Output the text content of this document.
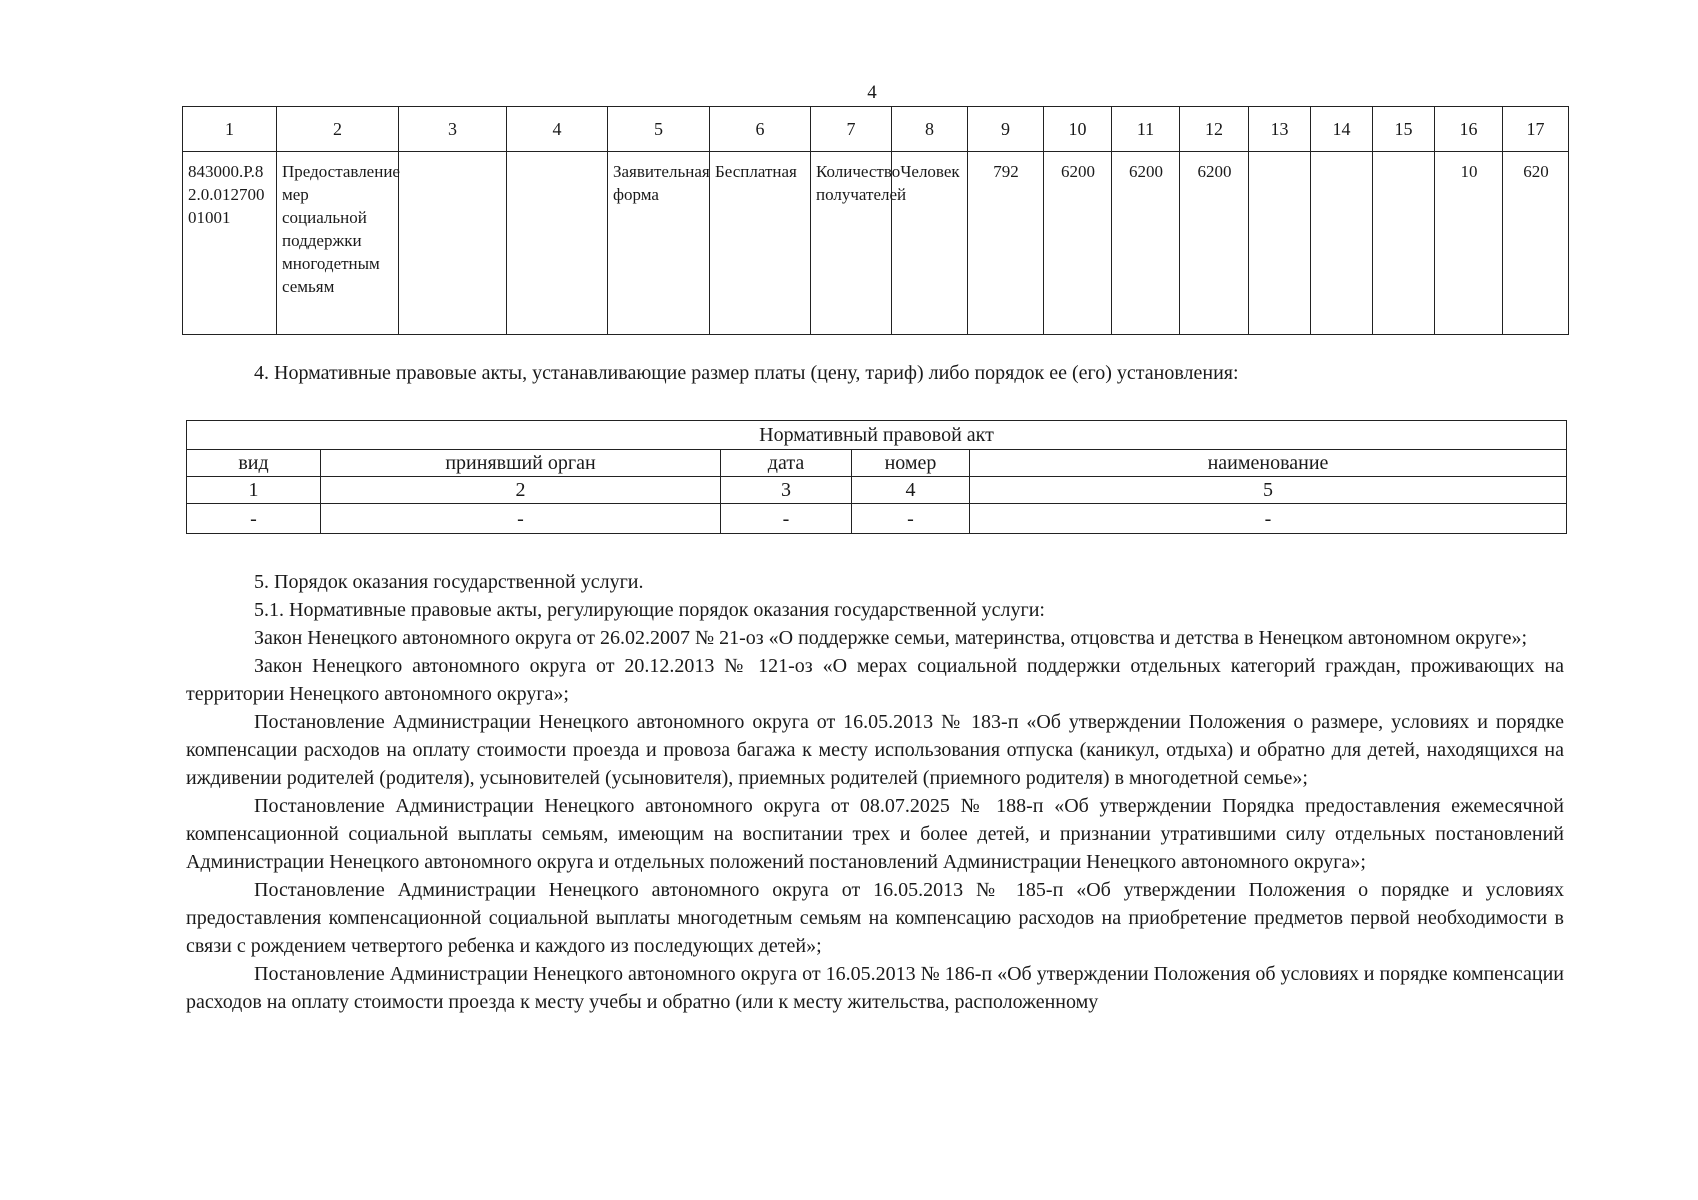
4
1	2	3	4	5	6	7	8	9	10	11	12	13	14	15	16	17
843000.Р.82.0.01270001001	Предоставление мер социальной поддержки многодетным семьям			Заявительная форма	Бесплатная	Количество получателей	Человек	792	6200	6200	6200				10	620
4. Нормативные правовые акты, устанавливающие размер платы (цену, тариф) либо порядок ее (его) установления:
Нормативный правовой акт				
вид	принявший орган	дата	номер	наименование
1	2	3	4	5
-	-	-	-	-

5. Порядок оказания государственной услуги.

5.1. Нормативные правовые акты, регулирующие порядок оказания государственной услуги:

Закон Ненецкого автономного округа от 26.02.2007 № 21-оз «О поддержке семьи, материнства, отцовства и детства в Ненецком автономном округе»;

Закон Ненецкого автономного округа от 20.12.2013 № 121-оз «О мерах социальной поддержки отдельных категорий граждан, проживающих на территории Ненецкого автономного округа»;

Постановление Администрации Ненецкого автономного округа от 16.05.2013 № 183-п «Об утверждении Положения о размере, условиях и порядке компенсации расходов на оплату стоимости проезда и провоза багажа к месту использования отпуска (каникул, отдыха) и обратно для детей, находящихся на иждивении родителей (родителя), усыновителей (усыновителя), приемных родителей (приемного родителя) в многодетной семье»;

Постановление Администрации Ненецкого автономного округа от 08.07.2025 № 188-п «Об утверждении Порядка предоставления ежемесячной компенсационной социальной выплаты семьям, имеющим на воспитании трех и более детей, и признании утратившими силу отдельных постановлений Администрации Ненецкого автономного округа и отдельных положений постановлений Администрации Ненецкого автономного округа»;

Постановление Администрации Ненецкого автономного округа от 16.05.2013 № 185-п «Об утверждении Положения о порядке и условиях предоставления компенсационной социальной выплаты многодетным семьям на компенсацию расходов на приобретение предметов первой необходимости в связи с рождением четвертого ребенка и каждого из последующих детей»;

Постановление Администрации Ненецкого автономного округа от 16.05.2013 № 186-п «Об утверждении Положения об условиях и порядке компенсации расходов на оплату стоимости проезда к месту учебы и обратно (или к месту жительства, расположенному
